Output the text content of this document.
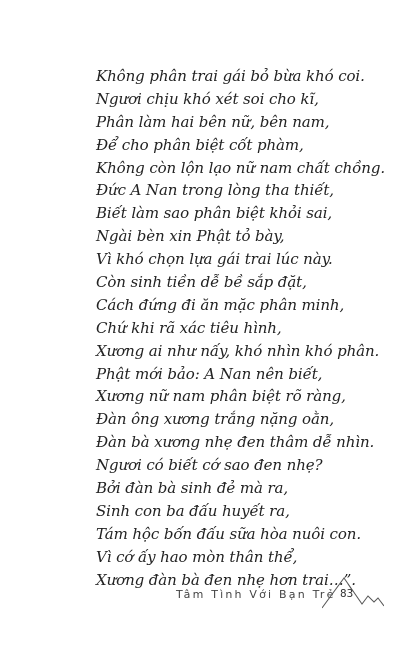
Không phân trai gái bỏ bừa khó coi.
Ngươi chịu khó xét soi cho kĩ,
Phân làm hai bên nữ, bên nam,
Để cho phân biệt cốt phàm,
Không còn lộn lạo nữ nam chất chồng.
Đức A Nan trong lòng tha thiết,
Biết làm sao phân biệt khỏi sai,
Ngài bèn xin Phật tỏ bày,
Vì khó chọn lựa gái trai lúc này.
Còn sinh tiền dễ bề sắp đặt,
Cách đứng đi ăn mặc phân minh,
Chứ khi rã xác tiêu hình,
Xương ai như nấy, khó nhìn khó phân.
Phật mới bảo: A Nan nên biết,
Xương nữ nam phân biệt rõ ràng,
Đàn ông xương trắng nặng oằn,
Đàn bà xương nhẹ đen thâm dễ nhìn.
Ngươi có biết cớ sao đen nhẹ?
Bởi đàn bà sinh đẻ mà ra,
Sinh con ba đấu huyết ra,
Tám hộc bốn đấu sữa hòa nuôi con.
Vì cớ ấy hao mòn thân thể,
Xương đàn bà đen nhẹ hơn trai…”.
Tâm Tình Với Bạn Trẻ 83
